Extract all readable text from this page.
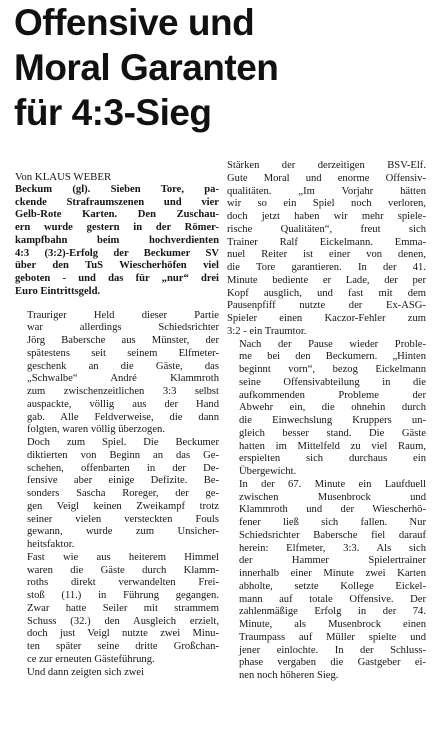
Offensive und
Moral Garanten
für 4:3-Sieg

Von KLAUS WEBER

Beckum (gl). Sieben Tore, pa-
ckende Strafraumszenen und vier
Gelb-Rote Karten. Den Zuschau-
ern wurde gestern in der Römer-
kampfbahn beim hochverdienten
4:3 (3:2)-Erfolg der Beckumer SV
über den TuS Wiescherhöfen viel
geboten - und das für „nur“ drei
Euro Eintrittsgeld.

Trauriger Held dieser Partie
war allerdings Schiedsrichter
Jörg Babersche aus Münster, der
spätestens seit seinem Elfmeter-
geschenk an die Gäste, das
„Schwalbe“ André Klammroth
zum zwischenzeitlichen 3:3 selbst
auspackte, völlig aus der Hand
gab. Alle Feldverweise, die dann
folgten, waren völlig überzogen.

Doch zum Spiel. Die Beckumer
diktierten von Beginn an das Ge-
schehen, offenbarten in der De-
fensive aber einige Defizite. Be-
sonders Sascha Roreger, der ge-
gen Veigl keinen Zweikampf trotz
seiner vielen versteckten Fouls
gewann, wurde zum Unsicher-
heitsfaktor.

Fast wie aus heiterem Himmel
waren die Gäste durch Klamm-
roths direkt verwandelten Frei-
stoß (11.) in Führung gegangen.
Zwar hatte Seiler mit strammem
Schuss (32.) den Ausgleich erzielt,
doch just Veigl nutzte zwei Minu-
ten später seine dritte Großchan-
ce zur erneuten Gästeführung.

Und dann zeigten sich zwei

Stärken der derzeitigen BSV-Elf.
Gute Moral und enorme Offensiv-
qualitäten. „Im Vorjahr hätten
wir so ein Spiel noch verloren,
doch jetzt haben wir mehr spiele-
rische Qualitäten“, freut sich
Trainer Ralf Eickelmann. Emma-
nuel Reiter ist einer von denen,
die Tore garantieren. In der 41.
Minute bediente er Lade, der per
Kopf ausglich, und fast mit dem
Pausenpfiff nutzte der Ex-ASG-
Spieler einen Kaczor-Fehler zum
3:2 - ein Traumtor.

Nach der Pause wieder Proble-
me bei den Beckumern. „Hinten
beginnt vorn“, bezog Eickelmann
seine Offensivabteilung in die
aufkommenden Probleme der
Abwehr ein, die ohnehin durch
die Einwechslung Kruppers un-
gleich besser stand. Die Gäste
hatten im Mittelfeld zu viel Raum,
erspielten sich durchaus ein
Übergewicht.

In der 67. Minute ein Laufduell
zwischen Musenbrock und
Klammroth und der Wiescherhö-
fener ließ sich fallen. Nur
Schiedsrichter Babersche fiel darauf
herein: Elfmeter, 3:3. Als sich
der Hammer Spielertrainer
innerhalb einer Minute zwei Karten
abholte, setzte Kollege Eickel-
mann auf totale Offensive. Der
zahlenmäßige Erfolg in der 74.
Minute, als Musenbrock einen
Traumpass auf Müller spielte und
jener einlochte. In der Schluss-
phase vergaben die Gastgeber ei-
nen noch höheren Sieg.
